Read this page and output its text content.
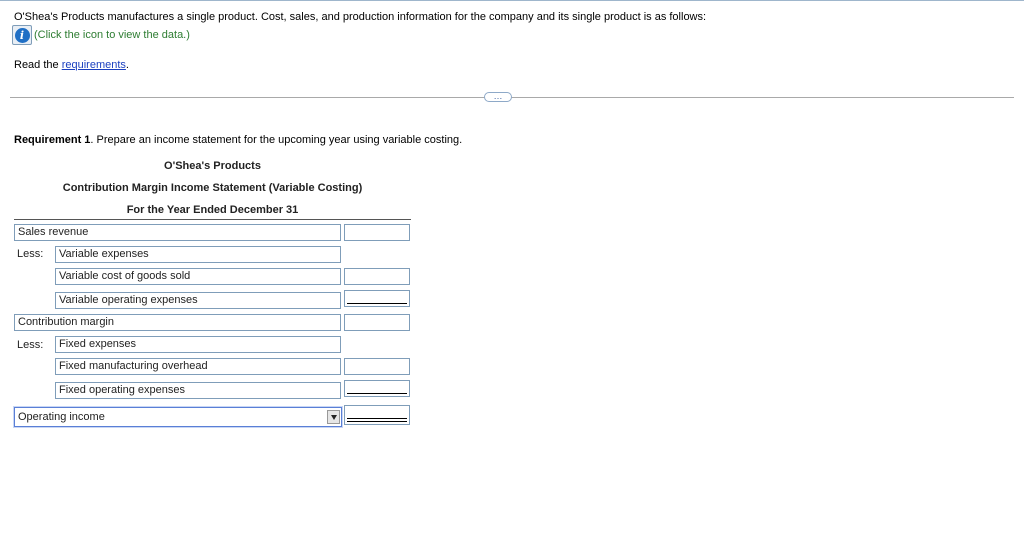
O'Shea's Products manufactures a single product. Cost, sales, and production information for the company and its single product is as follows:
i (Click the icon to view the data.)
Read the requirements.
…
Requirement 1. Prepare an income statement for the upcoming year using variable costing.
O'Shea's Products
Contribution Margin Income Statement (Variable Costing)
For the Year Ended December 31
Sales revenue
Less:	Variable expenses
Variable cost of goods sold
Variable operating expenses
Contribution margin
Less:	Fixed expenses
Fixed manufacturing overhead
Fixed operating expenses
Operating income
